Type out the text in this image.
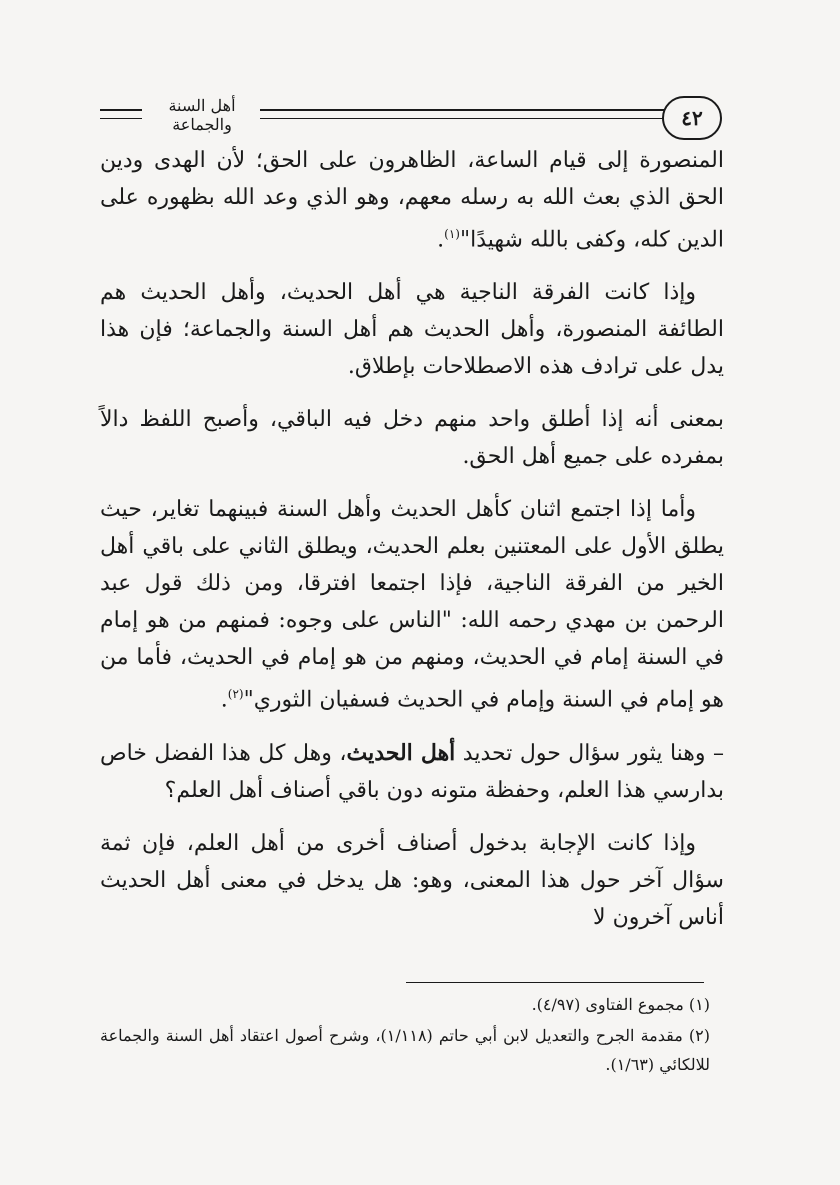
أهل السنة والجماعة	٤٢

المنصورة إلى قيام الساعة، الظاهرون على الحق؛ لأن الهدى ودين الحق الذي بعث الله به رسله معهم، وهو الذي وعد الله بظهوره على الدين كله، وكفى بالله شهيدًا"$^{(١)}$.

وإذا كانت الفرقة الناجية هي أهل الحديث، وأهل الحديث هم الطائفة المنصورة، وأهل الحديث هم أهل السنة والجماعة؛ فإن هذا يدل على ترادف هذه الاصطلاحات بإطلاق.

بمعنى أنه إذا أطلق واحد منهم دخل فيه الباقي، وأصبح اللفظ دالاً بمفرده على جميع أهل الحق.

وأما إذا اجتمع اثنان كأهل الحديث وأهل السنة فبينهما تغاير، حيث يطلق الأول على المعتنين بعلم الحديث، ويطلق الثاني على باقي أهل الخير من الفرقة الناجية، فإذا اجتمعا افترقا، ومن ذلك قول عبد الرحمن بن مهدي رحمه الله: "الناس على وجوه: فمنهم من هو إمام في السنة إمام في الحديث، ومنهم من هو إمام في الحديث، فأما من هو إمام في السنة وإمام في الحديث فسفيان الثوري"$^{(٢)}$.

– وهنا يثور سؤال حول تحديد أهل الحديث، وهل كل هذا الفضل خاص بدارسي هذا العلم، وحفظة متونه دون باقي أصناف أهل العلم؟

وإذا كانت الإجابة بدخول أصناف أخرى من أهل العلم، فإن ثمة سؤال آخر حول هذا المعنى، وهو: هل يدخل في معنى أهل الحديث أناس آخرون لا

(١) مجموع الفتاوى (٤/٩٧).

(٢) مقدمة الجرح والتعديل لابن أبي حاتم (١/١١٨)، وشرح أصول اعتقاد أهل السنة والجماعة للالكائي (١/٦٣).
